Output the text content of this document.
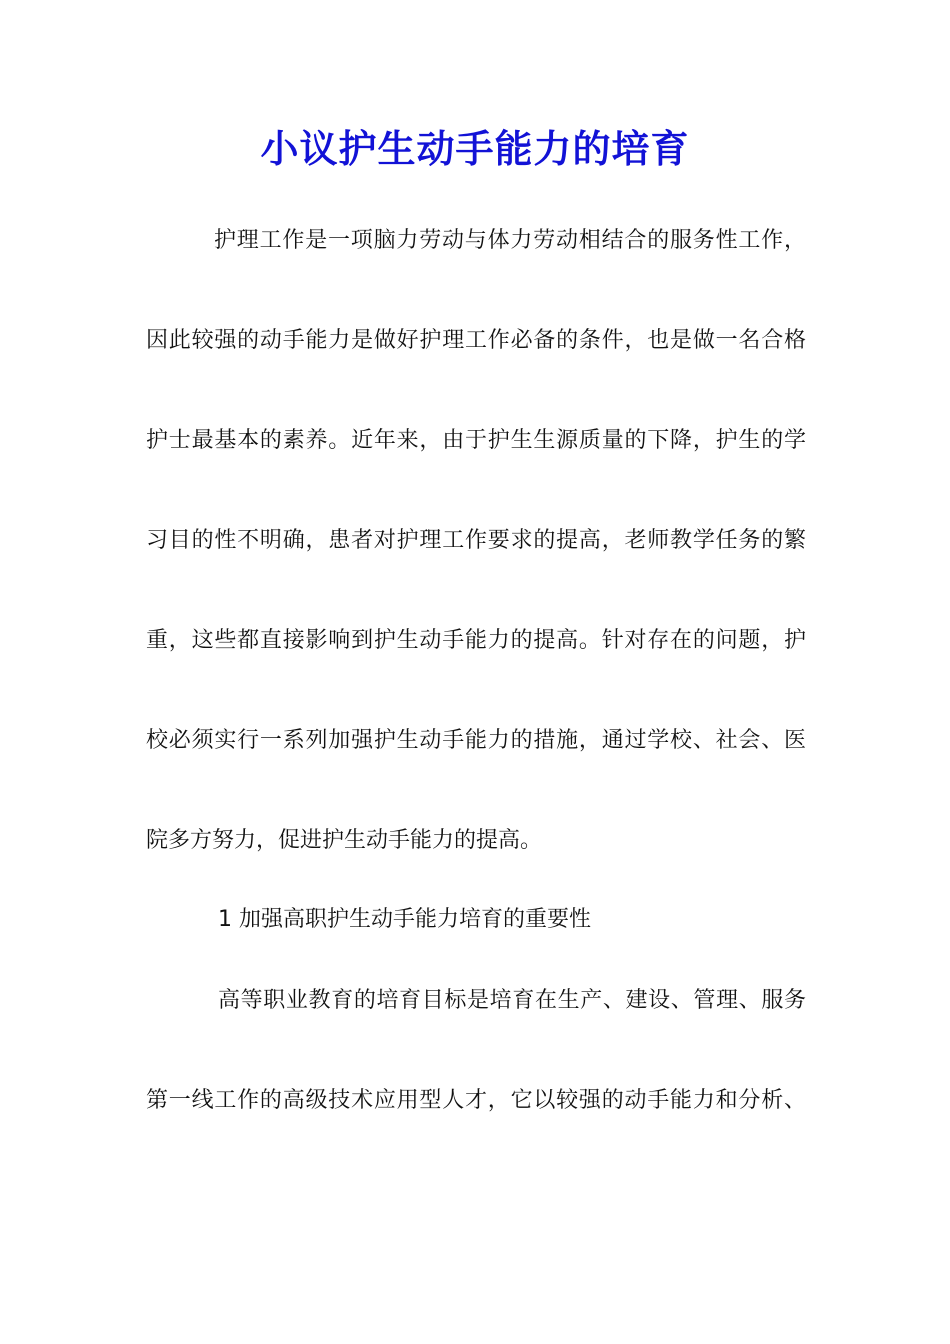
小议护生动手能力的培育
护理工作是一项脑力劳动与体力劳动相结合的服务性工作，
因此较强的动手能力是做好护理工作必备的条件，也是做一名合格
护士最基本的素养。近年来，由于护生生源质量的下降，护生的学
习目的性不明确，患者对护理工作要求的提高，老师教学任务的繁
重，这些都直接影响到护生动手能力的提高。针对存在的问题，护
校必须实行一系列加强护生动手能力的措施，通过学校、社会、医
院多方努力，促进护生动手能力的提高。
1 加强高职护生动手能力培育的重要性
高等职业教育的培育目标是培育在生产、建设、管理、服务
第一线工作的高级技术应用型人才，它以较强的动手能力和分析、
